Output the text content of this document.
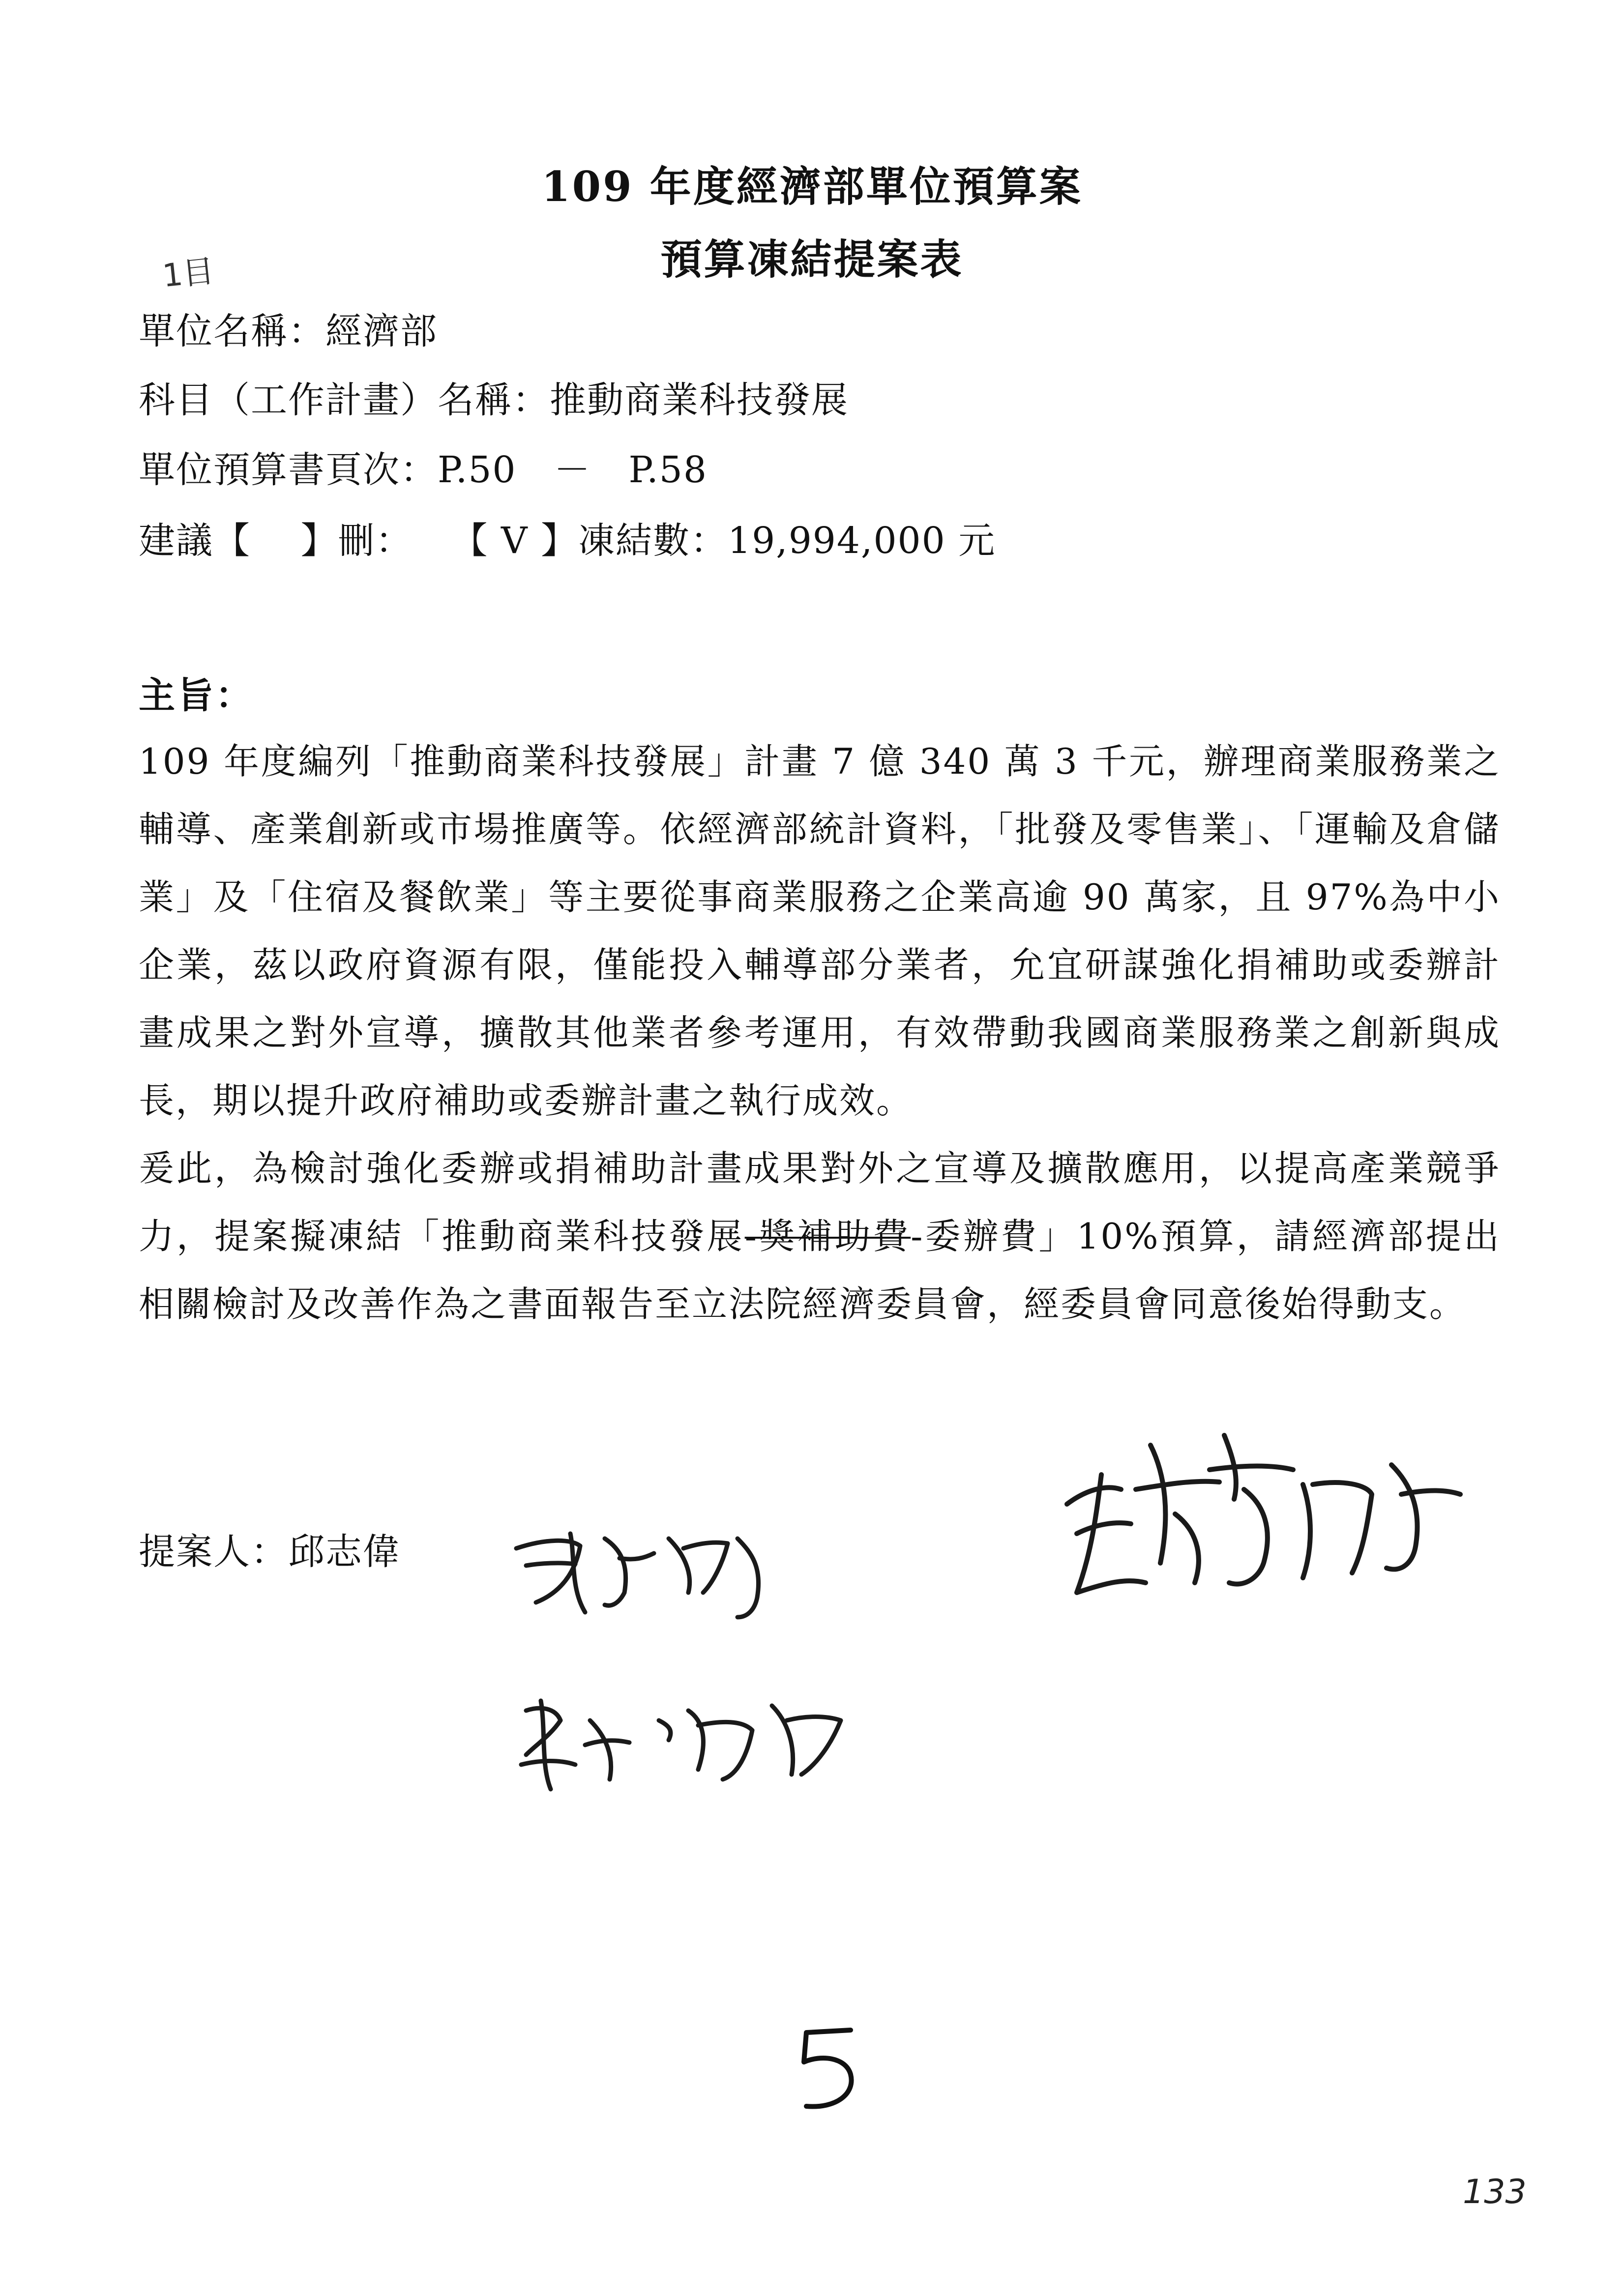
109 年度經濟部單位預算案
預算凍結提案表
1目
單位名稱：經濟部
科目（工作計畫）名稱：推動商業科技發展
單位預算書頁次：P.50　－　P.58
建議【　 】刪：　　【 V 】凍結數：19,994,000 元
主旨：

109 年度編列「推動商業科技發展」計畫 7 億 340 萬 3 千元，辦理商業服務業之輔導、產業創新或市場推廣等。依經濟部統計資料，「批發及零售業」、「運輸及倉儲業」及「住宿及餐飲業」等主要從事商業服務之企業高逾 90 萬家，且 97%為中小企業，茲以政府資源有限，僅能投入輔導部分業者，允宜研謀強化捐補助或委辦計畫成果之對外宣導，擴散其他業者參考運用，有效帶動我國商業服務業之創新與成長，期以提升政府補助或委辦計畫之執行成效。

爰此，為檢討強化委辦或捐補助計畫成果對外之宣導及擴散應用，以提高產業競爭力，提案擬凍結「推動商業科技發展-獎補助費-委辦費」10%預算，請經濟部提出相關檢討及改善作為之書面報告至立法院經濟委員會，經委員會同意後始得動支。

提案人：邱志偉
133
